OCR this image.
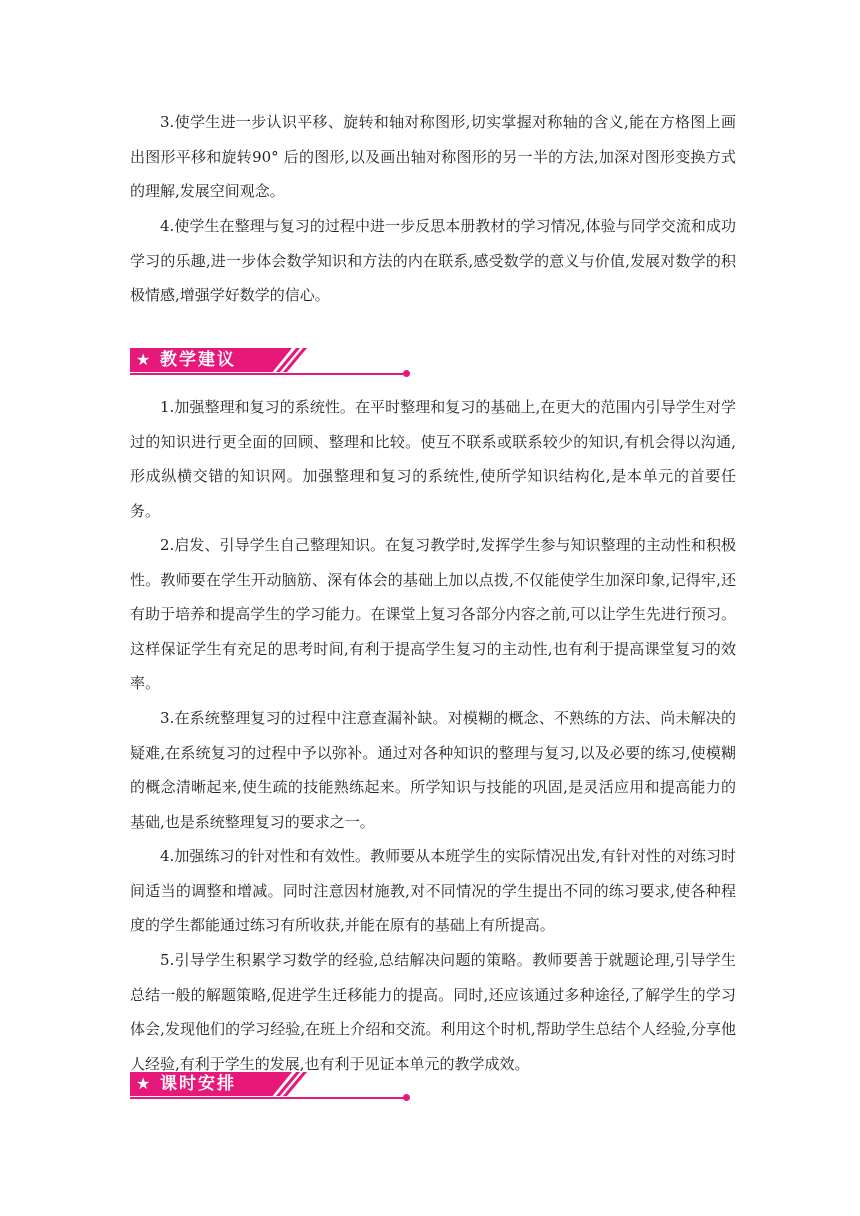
3.使学生进一步认识平移、旋转和轴对称图形,切实掌握对称轴的含义,能在方格图上画出图形平移和旋转90° 后的图形,以及画出轴对称图形的另一半的方法,加深对图形变换方式的理解,发展空间观念。

4.使学生在整理与复习的过程中进一步反思本册教材的学习情况,体验与同学交流和成功学习的乐趣,进一步体会数学知识和方法的内在联系,感受数学的意义与价值,发展对数学的积极情感,增强学好数学的信心。

★ 教学建议

1.加强整理和复习的系统性。在平时整理和复习的基础上,在更大的范围内引导学生对学过的知识进行更全面的回顾、整理和比较。使互不联系或联系较少的知识,有机会得以沟通,形成纵横交错的知识网。加强整理和复习的系统性,使所学知识结构化,是本单元的首要任务。

2.启发、引导学生自己整理知识。在复习教学时,发挥学生参与知识整理的主动性和积极性。教师要在学生开动脑筋、深有体会的基础上加以点拨,不仅能使学生加深印象,记得牢,还有助于培养和提高学生的学习能力。在课堂上复习各部分内容之前,可以让学生先进行预习。这样保证学生有充足的思考时间,有利于提高学生复习的主动性,也有利于提高课堂复习的效率。

3.在系统整理复习的过程中注意查漏补缺。对模糊的概念、不熟练的方法、尚未解决的疑难,在系统复习的过程中予以弥补。通过对各种知识的整理与复习,以及必要的练习,使模糊的概念清晰起来,使生疏的技能熟练起来。所学知识与技能的巩固,是灵活应用和提高能力的基础,也是系统整理复习的要求之一。

4.加强练习的针对性和有效性。教师要从本班学生的实际情况出发,有针对性的对练习时间适当的调整和增减。同时注意因材施教,对不同情况的学生提出不同的练习要求,使各种程度的学生都能通过练习有所收获,并能在原有的基础上有所提高。

5.引导学生积累学习数学的经验,总结解决问题的策略。教师要善于就题论理,引导学生总结一般的解题策略,促进学生迁移能力的提高。同时,还应该通过多种途径,了解学生的学习体会,发现他们的学习经验,在班上介绍和交流。利用这个时机,帮助学生总结个人经验,分享他人经验,有利于学生的发展,也有利于见证本单元的教学成效。

★ 课时安排
